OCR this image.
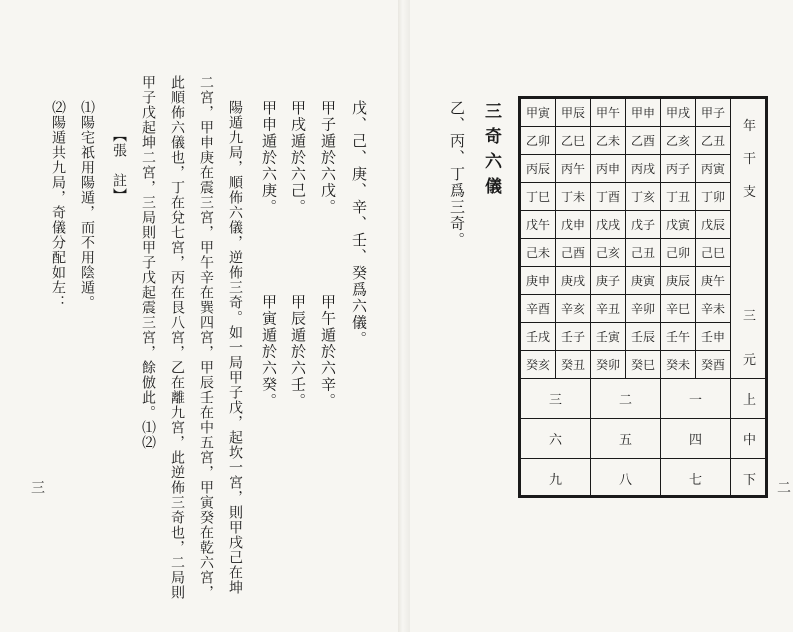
三奇六儀
乙、丙、丁爲三奇。	甲寅 甲辰 甲午 甲申 甲戌 甲子
乙卯 乙巳 乙未 乙酉 乙亥 乙丑
丙辰 丙午 丙申 丙戌 丙子 丙寅
丁巳 丁未 丁酉 丁亥 丁丑 丁卯
戊午 戊申 戊戌 戊子 戊寅 戊辰
己未 己酉 己亥 己丑 己卯 己巳
庚申 庚戌 庚子 庚寅 庚辰 庚午
辛酉 辛亥 辛丑 辛卯 辛巳 辛未
壬戌 壬子 壬寅 壬辰 壬午 壬申
癸亥 癸丑 癸卯 癸巳 癸未 癸酉
年
干
支
三
元
三	二	一	上
六	五	四	中
九	八	七	下	二
戊、己、庚、辛、壬、癸爲六儀。
甲子遁於六戊。
甲午遁於六辛。
甲戌遁於六己。
甲辰遁於六壬。
甲申遁於六庚。
甲寅遁於六癸。
陽遁九局，順佈六儀，逆佈三奇。如一局甲子戊，起坎一宮，則甲戌己在坤
二宮，甲申庚在震三宮，甲午辛在巽四宮，甲辰壬在中五宮，甲寅癸在乾六宮，
此順佈六儀也，丁在兌七宮，丙在艮八宮，乙在離九宮，此逆佈三奇也，二局則
甲子戊起坤二宮，三局則甲子戊起震三宮，餘倣此。⑴⑵
【張　註】
⑴陽宅祇用陽遁，而不用陰遁。
⑵陽遁共九局，奇儀分配如左：
三
